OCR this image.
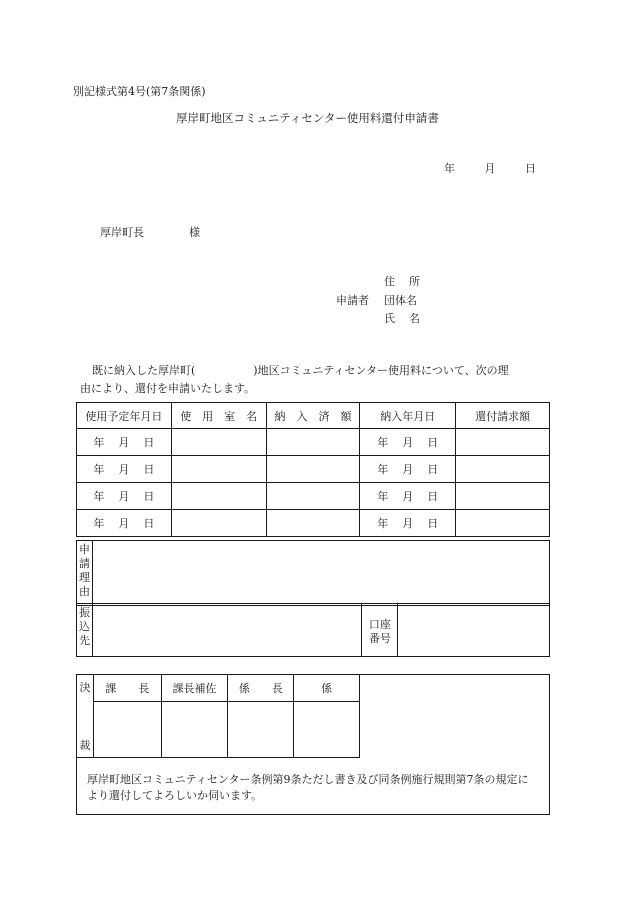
別記様式第4号(第7条関係)
厚岸町地区コミュニティセンター使用料還付申請書
年	月	日
厚岸町長	様
申請者
住 所
団体名
氏 名
既に納入した厚岸町(	)地区コミュニティセンター使用料について、次の理
由により、還付を申請いたします。
使用予定年月日	使　用　室　名	納　入　済　額	納入年月日	還付請求額
年 月 日			年 月 日	
年 月 日			年 月 日	
年 月 日			年 月 日	
年 月 日			年 月 日	
申
請
理
由

振
込
先

口座
番号

決
裁	課　　長	課長補佐	係　　長	係	

厚岸町地区コミュニティセンター条例第9条ただし書き及び同条例施行規則第7条の規定により還付してよろしいか伺います。					
